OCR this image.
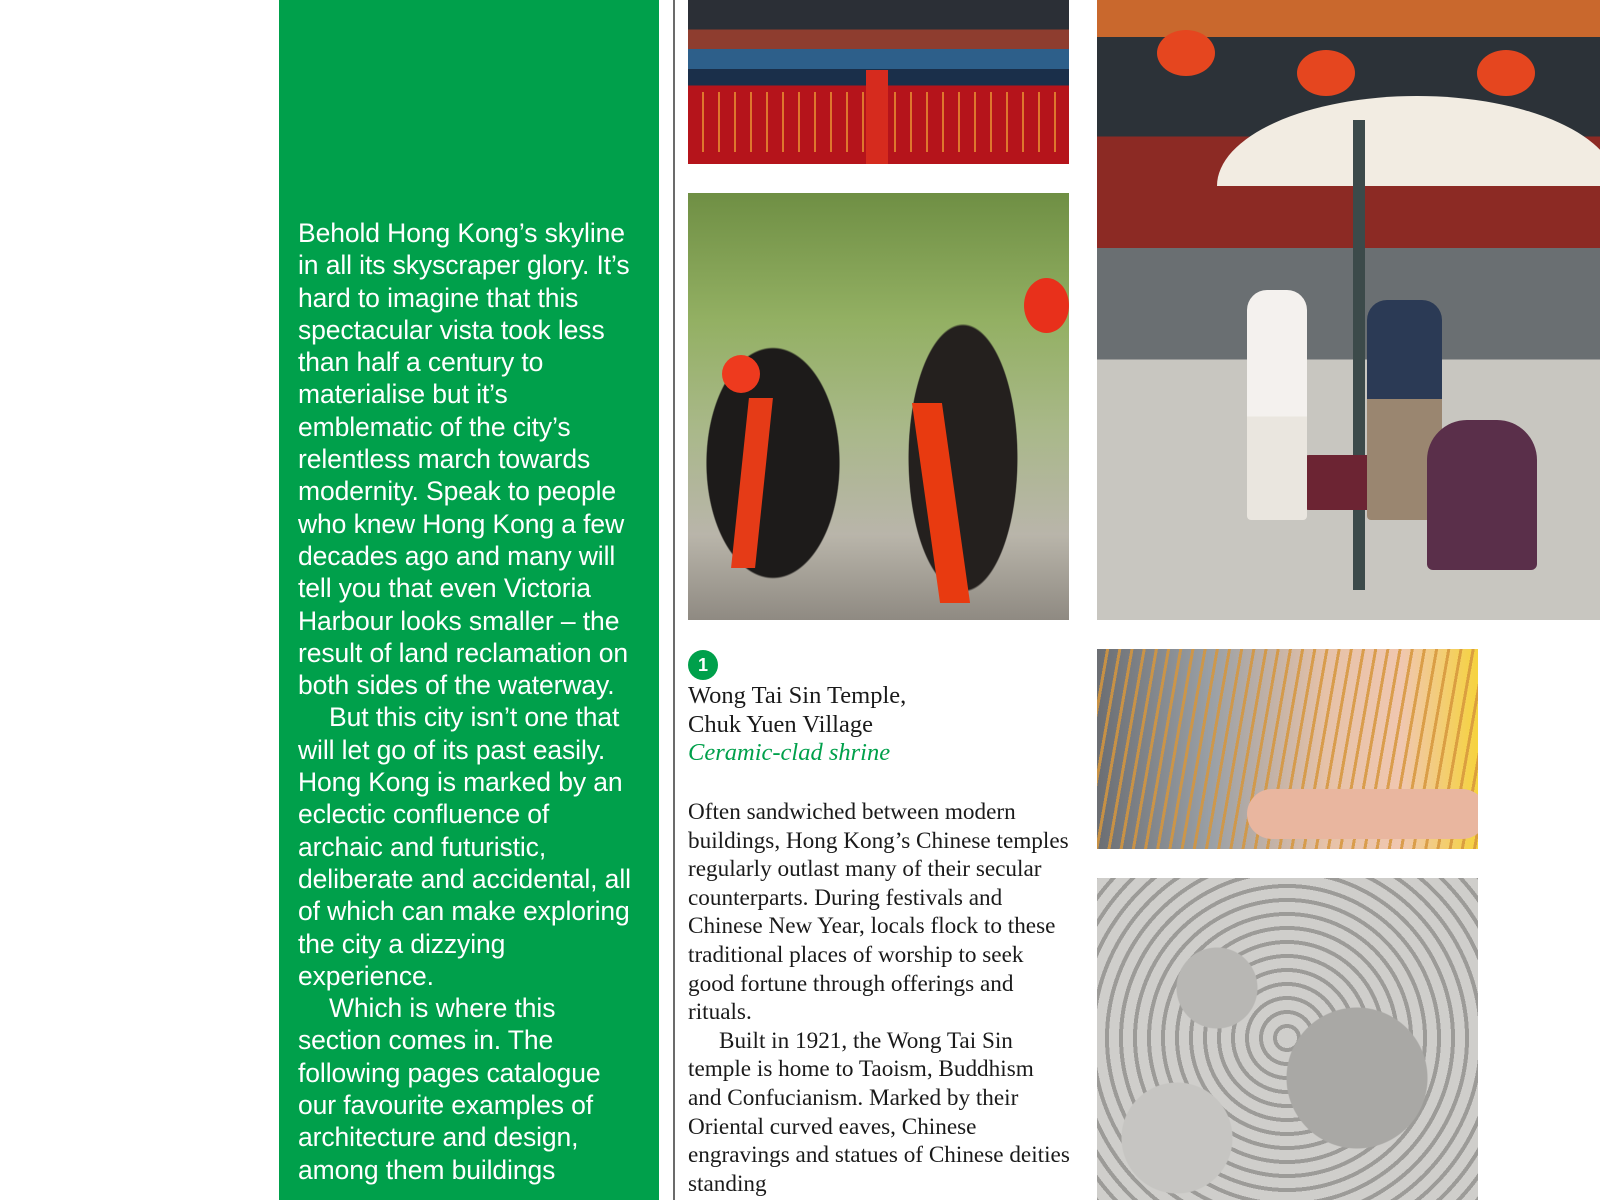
Behold Hong Kong’s skyline in all its skyscraper glory. It’s hard to imagine that this spectacular vista took less than half a century to materialise but it’s emblematic of the city’s relentless march towards modernity. Speak to people who knew Hong Kong a few decades ago and many will tell you that even Victoria Harbour looks smaller – the result of land reclamation on both sides of the waterway.

But this city isn’t one that will let go of its past easily. Hong Kong is marked by an eclectic confluence of archaic and futuristic, deliberate and accidental, all of which can make exploring the city a dizzying experience.

Which is where this section comes in. The following pages catalogue our favourite examples of architecture and design, among them buildings

1
Wong Tai Sin Temple,
Chuk Yuen Village
Ceramic-clad shrine

Often sandwiched between modern buildings, Hong Kong’s Chinese temples regularly outlast many of their secular counterparts. During festivals and Chinese New Year, locals flock to these traditional places of worship to seek good fortune through offerings and rituals.

Built in 1921, the Wong Tai Sin temple is home to Taoism, Buddhism and Confucianism. Marked by their Oriental curved eaves, Chinese engravings and statues of Chinese deities standing
